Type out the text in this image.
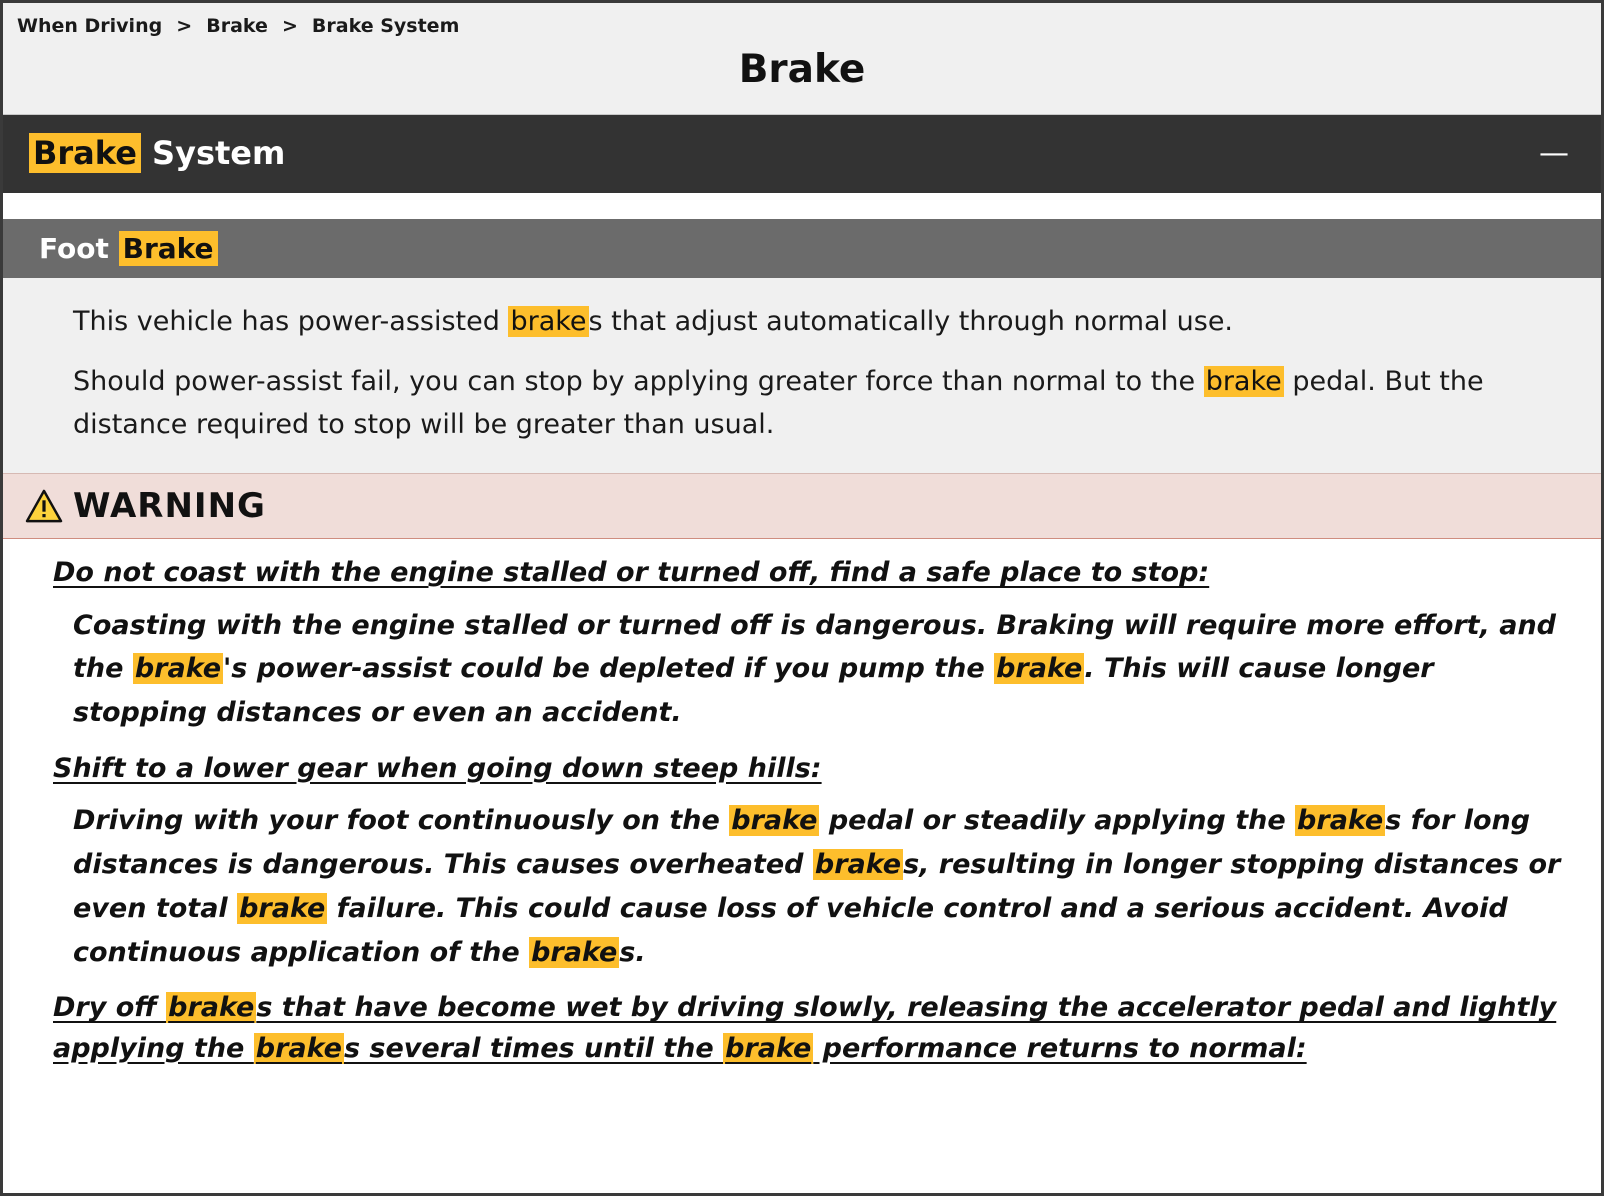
When Driving > Brake > Brake System
Brake
Brake System	—
Foot Brake

This vehicle has power-assisted brakes that adjust automatically through normal use.

Should power-assist fail, you can stop by applying greater force than normal to the brake pedal. But the distance required to stop will be greater than usual.

WARNING
Do not coast with the engine stalled or turned off, find a safe place to stop:

Coasting with the engine stalled or turned off is dangerous. Braking will require more effort, and the brake's power-assist could be depleted if you pump the brake. This will cause longer stopping distances or even an accident.

Shift to a lower gear when going down steep hills:

Driving with your foot continuously on the brake pedal or steadily applying the brakes for long distances is dangerous. This causes overheated brakes, resulting in longer stopping distances or even total brake failure. This could cause loss of vehicle control and a serious accident. Avoid continuous application of the brakes.

Dry off brakes that have become wet by driving slowly, releasing the accelerator pedal and lightly applying the brakes several times until the brake performance returns to normal:
